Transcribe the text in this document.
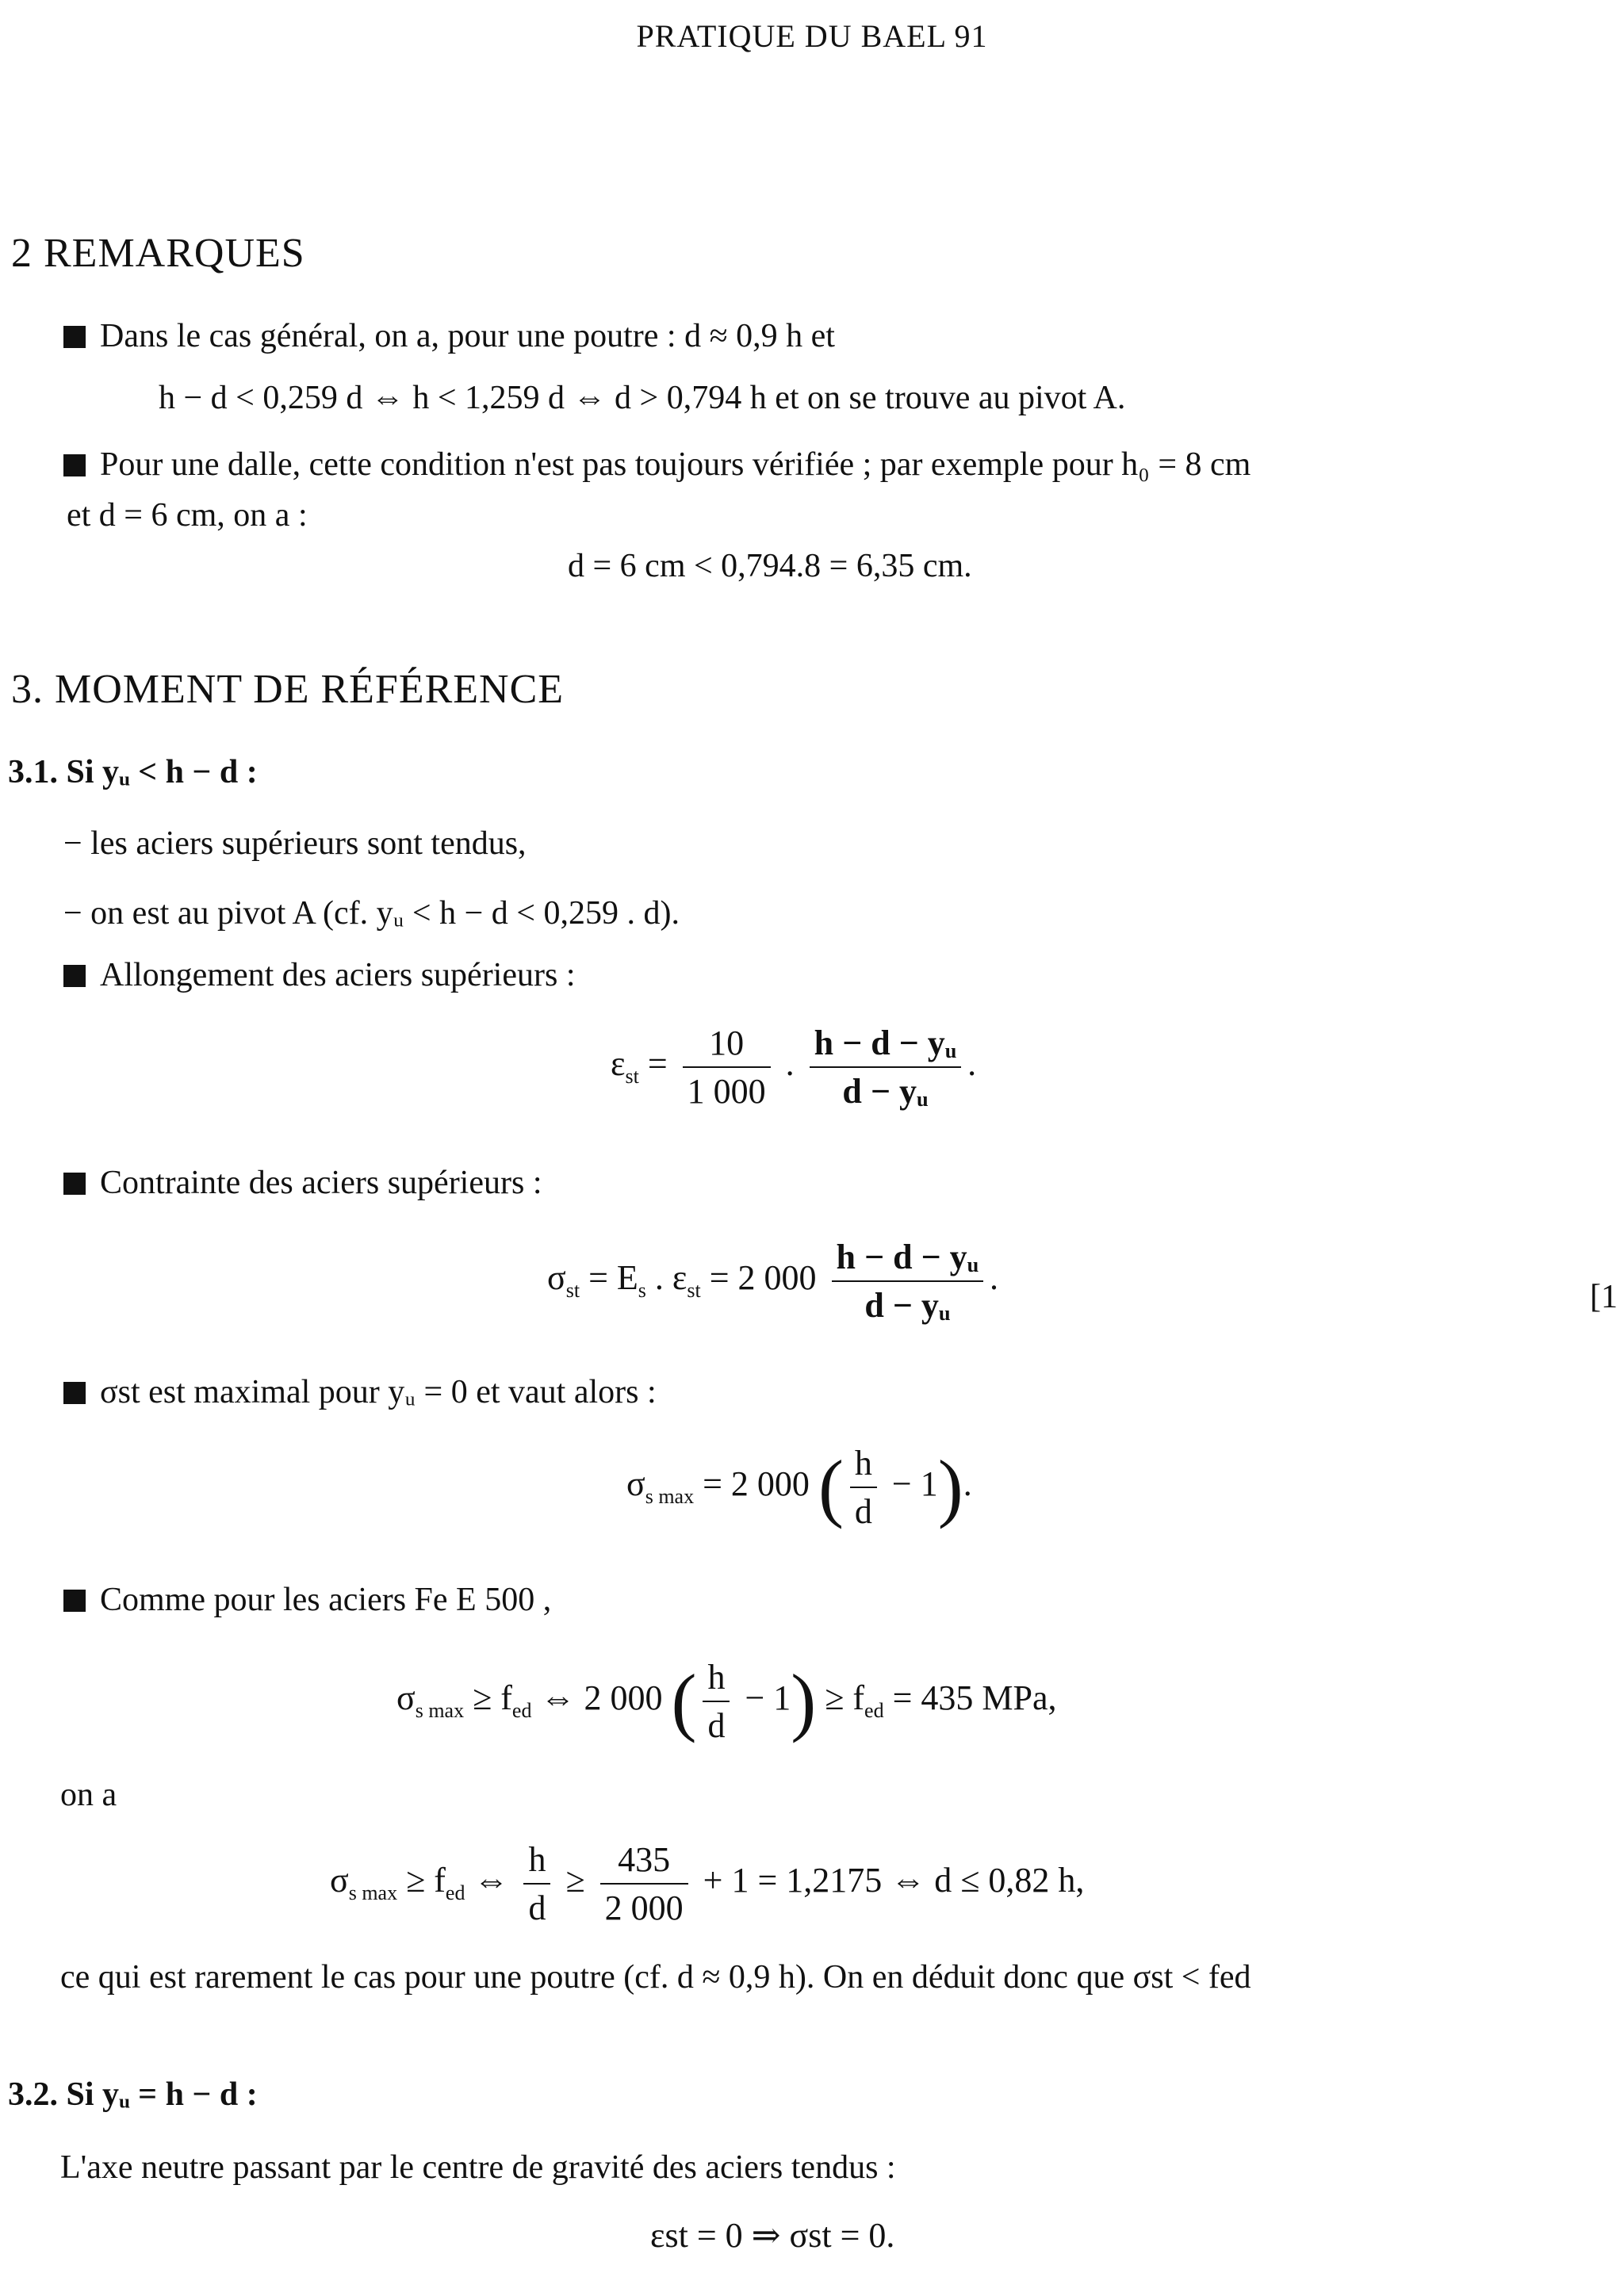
PRATIQUE DU BAEL 91
2 REMARQUES
Dans le cas général, on a, pour une poutre : d ≈ 0,9 h et
h − d < 0,259 d ⇔ h < 1,259 d ⇔ d > 0,794 h et on se trouve au pivot A.
Pour une dalle, cette condition n'est pas toujours vérifiée ; par exemple pour h₀ = 8 cm
et d = 6 cm, on a :
d = 6 cm < 0,794.8 = 6,35 cm.
3. MOMENT DE RÉFÉRENCE
3.1. Si yᵤ < h − d :
− les aciers supérieurs sont tendus,
− on est au pivot A (cf. yᵤ < h − d < 0,259 . d).
Allongement des aciers supérieurs :
$\varepsilon_{st} = \frac{10}{1 000}$ . $\frac{\text{h − d − yᵤ}}{\text{d − yᵤ}}$ .
Contrainte des aciers supérieurs :
$\sigma_{st} = E_s$ . $\varepsilon_{st} = 2$ $000 \frac{\text{h − d − yᵤ}}{\text{d − yᵤ}}$ .	[1
σst est maximal pour yᵤ = 0 et vaut alors :
$\sigma_{s max} = 2$ 000 ( $\frac{h}{d} - 1$).
Comme pour les aciers Fe E 500 ,
$\sigma_{s max} \ge f_{ed}$ ⇔ 2 000 ( $\frac{h}{d} - 1) \ge f_{ed} = 435$ MPa,
on a
$\sigma_{s max} \ge f_{ed}$ ⇔ $\frac{h}{d} \ge \frac{435}{2 000} + 1 = 1,2175$ ⇔ d ≤ 0,82 h,
ce qui est rarement le cas pour une poutre (cf. d ≈ 0,9 h). On en déduit donc que σst < fed
3.2. Si yᵤ = h − d :
L'axe neutre passant par le centre de gravité des aciers tendus :
εst = 0 ⇒ σst = 0.
